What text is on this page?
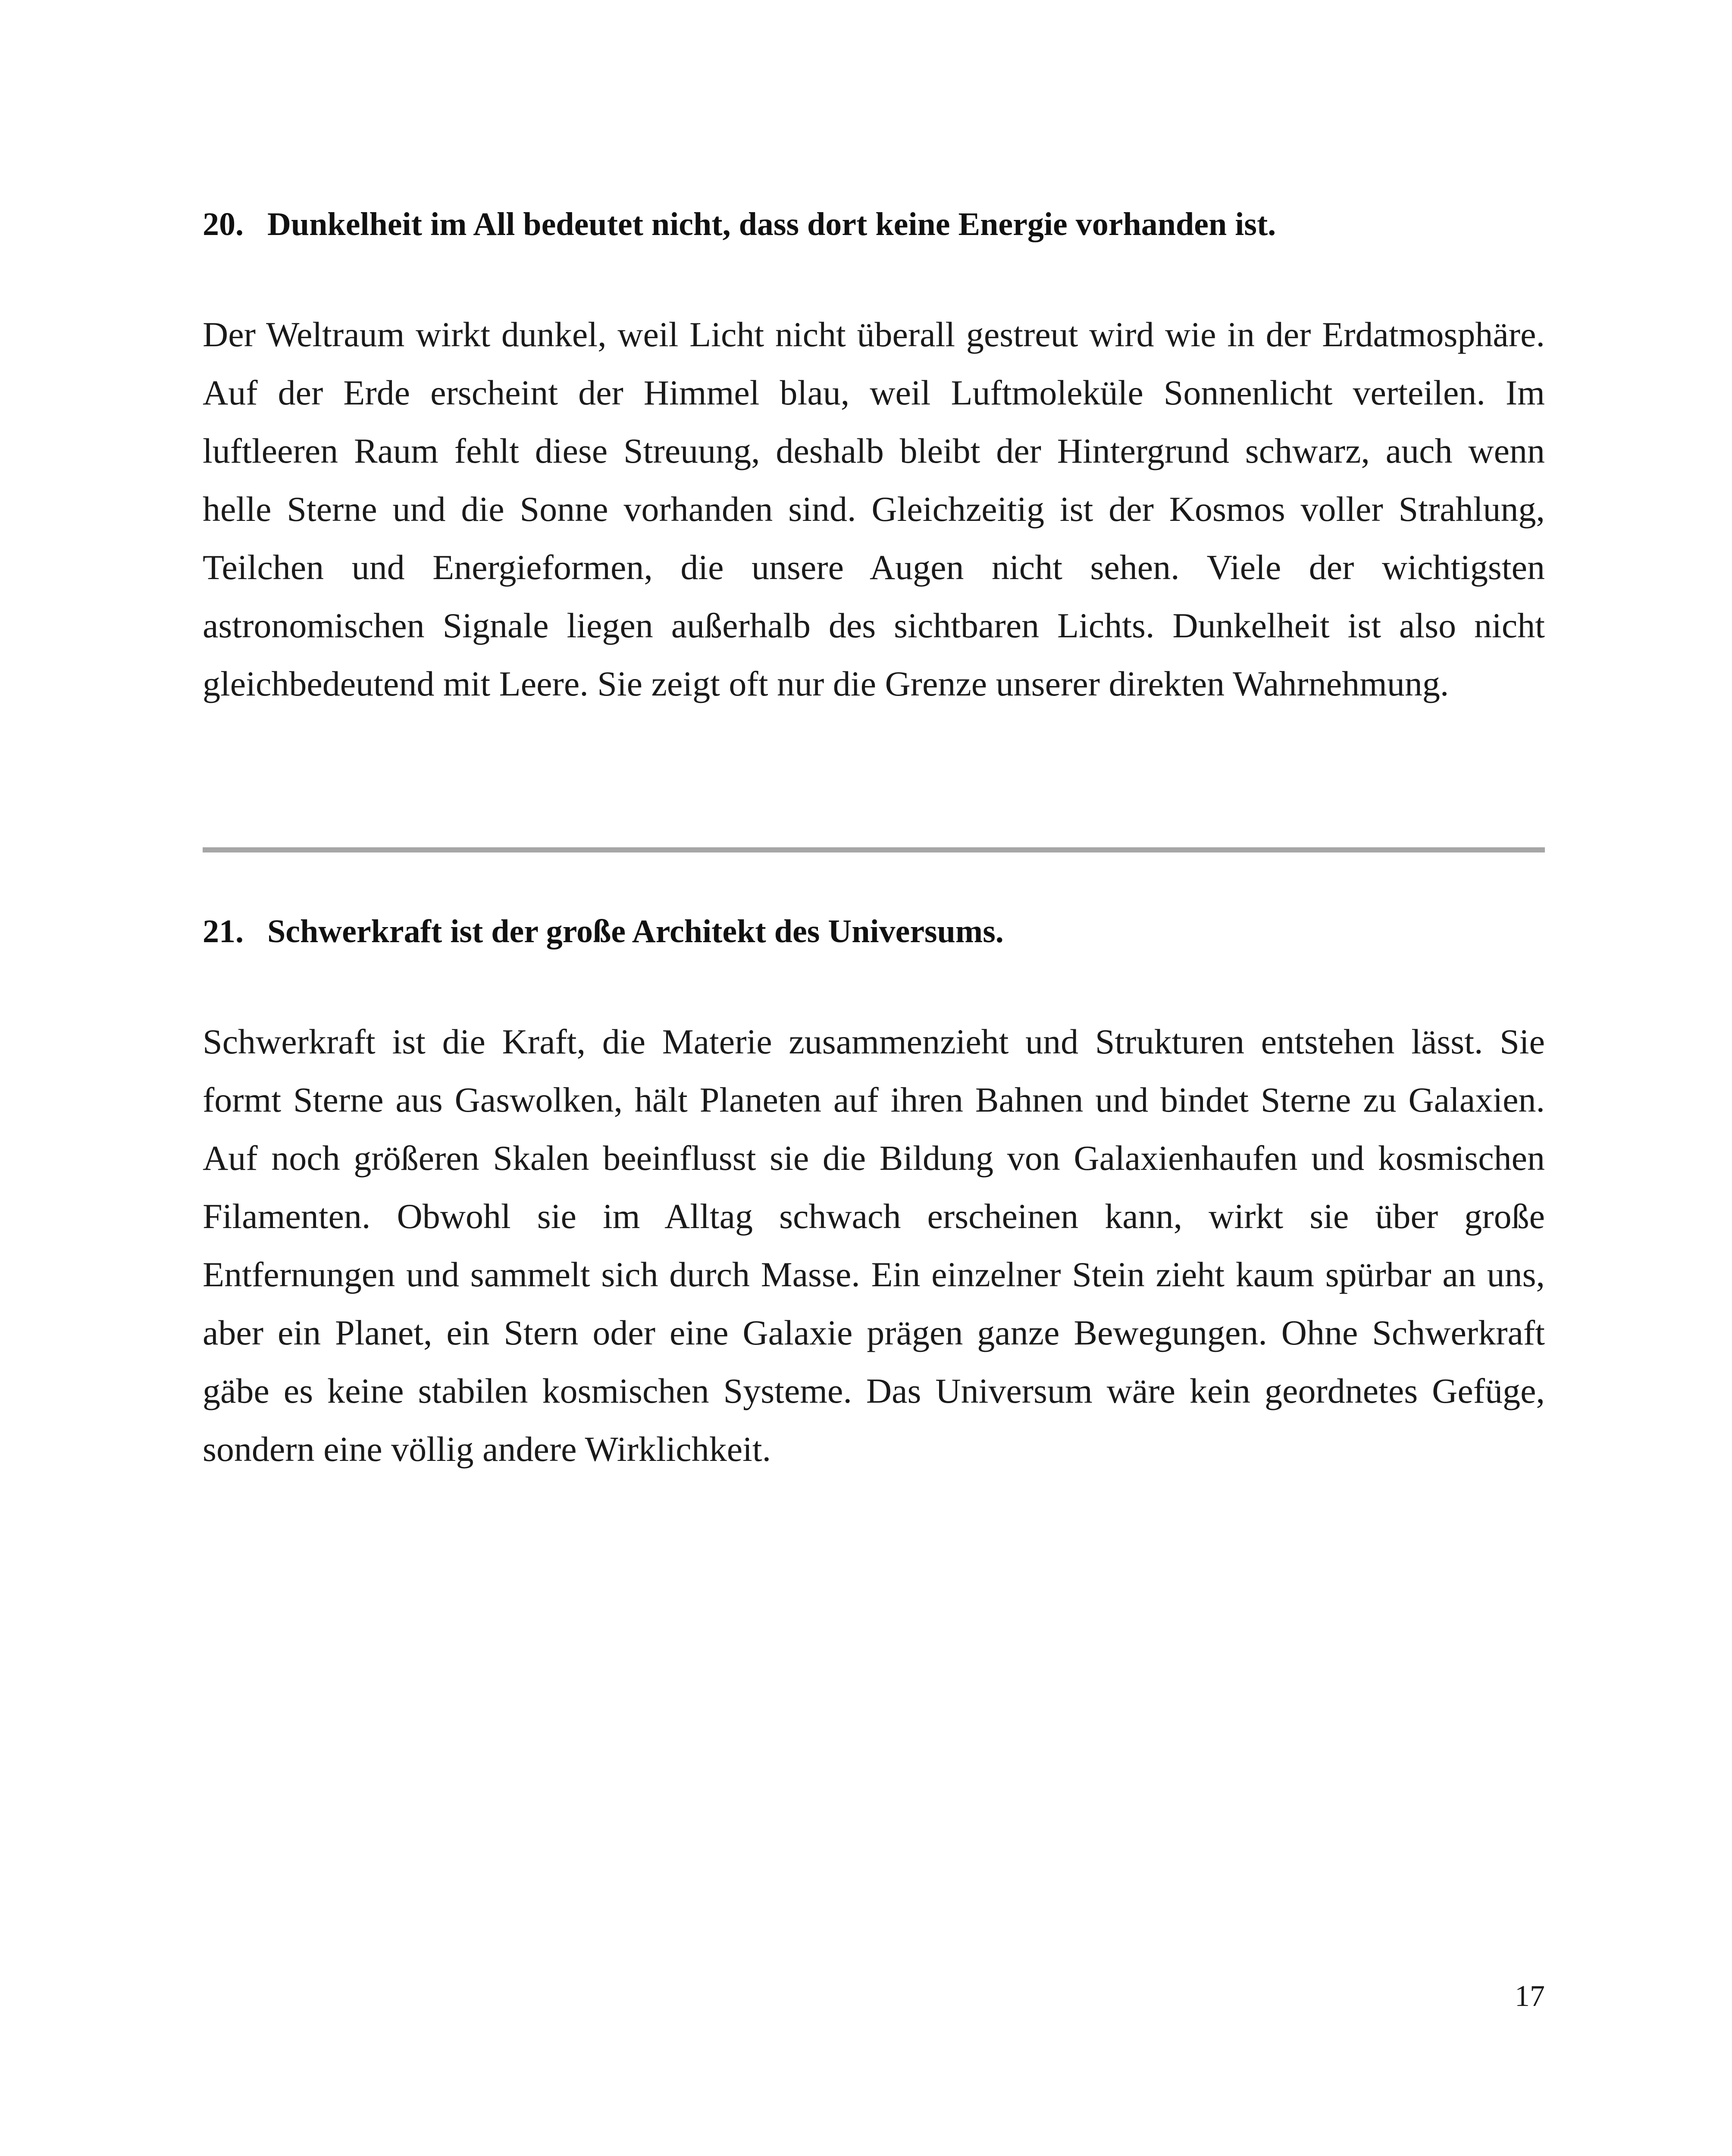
20. Dunkelheit im All bedeutet nicht, dass dort keine Energie vorhanden ist.

Der Weltraum wirkt dunkel, weil Licht nicht überall gestreut wird wie in der Erdatmosphäre. Auf der Erde erscheint der Himmel blau, weil Luftmoleküle Sonnenlicht verteilen. Im luftleeren Raum fehlt diese Streuung, deshalb bleibt der Hintergrund schwarz, auch wenn helle Sterne und die Sonne vorhanden sind. Gleichzeitig ist der Kosmos voller Strahlung, Teilchen und Energieformen, die unsere Augen nicht sehen. Viele der wichtigsten astronomischen Signale liegen außerhalb des sichtbaren Lichts. Dunkelheit ist also nicht gleichbedeutend mit Leere. Sie zeigt oft nur die Grenze unserer direkten Wahrnehmung.

21. Schwerkraft ist der große Architekt des Universums.

Schwerkraft ist die Kraft, die Materie zusammenzieht und Strukturen entstehen lässt. Sie formt Sterne aus Gaswolken, hält Planeten auf ihren Bahnen und bindet Sterne zu Galaxien. Auf noch größeren Skalen beeinflusst sie die Bildung von Galaxienhaufen und kosmischen Filamenten. Obwohl sie im Alltag schwach erscheinen kann, wirkt sie über große Entfernungen und sammelt sich durch Masse. Ein einzelner Stein zieht kaum spürbar an uns, aber ein Planet, ein Stern oder eine Galaxie prägen ganze Bewegungen. Ohne Schwerkraft gäbe es keine stabilen kosmischen Systeme. Das Universum wäre kein geordnetes Gefüge, sondern eine völlig andere Wirklichkeit.

17
